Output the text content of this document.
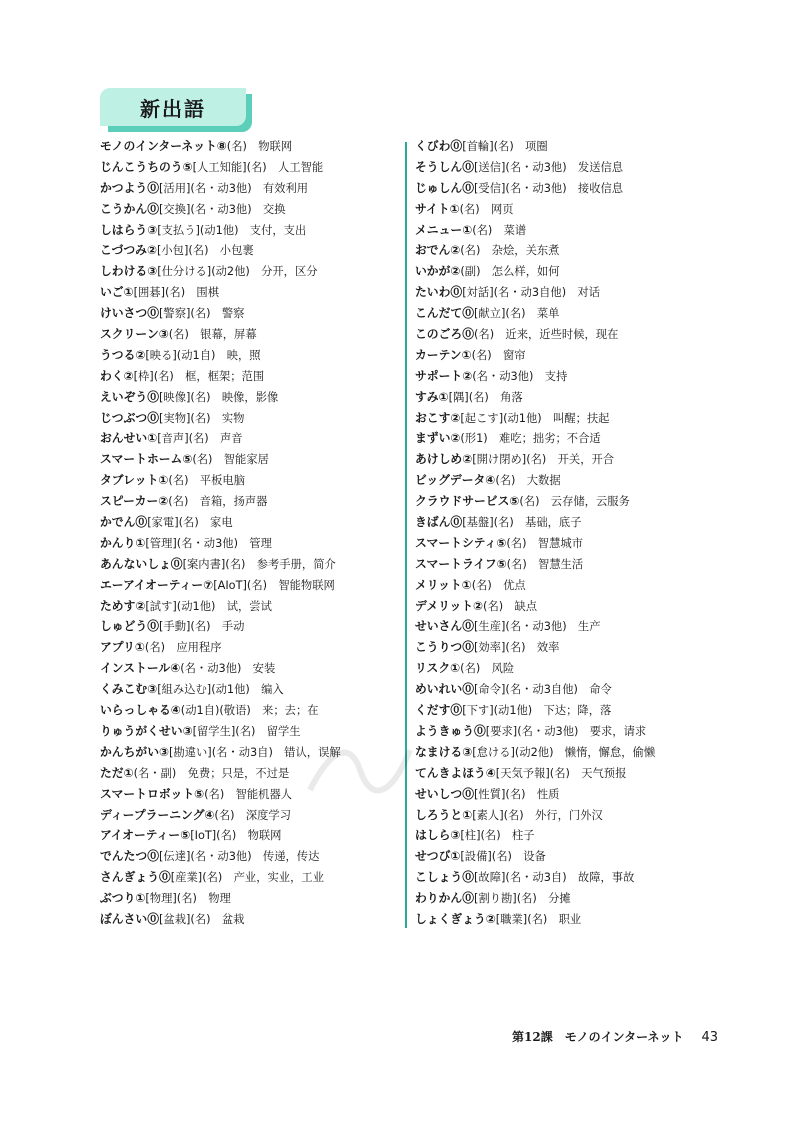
新出語
モノのインターネット⑧(名)　物联网
じんこうちのう⑤[人工知能](名)　人工智能
かつよう⓪[活用](名・动3他)　有效利用
こうかん⓪[交換](名・动3他)　交换
しはらう③[支払う](动1他)　支付，支出
こづつみ②[小包](名)　小包裹
しわける③[仕分ける](动2他)　分开，区分
いご①[囲碁](名)　围棋
けいさつ⓪[警察](名)　警察
スクリーン③(名)　银幕，屏幕
うつる②[映る](动1自)　映，照
わく②[枠](名)　框，框架；范围
えいぞう⓪[映像](名)　映像，影像
じつぶつ⓪[実物](名)　实物
おんせい①[音声](名)　声音
スマートホーム⑤(名)　智能家居
タブレット①(名)　平板电脑
スピーカー②(名)　音箱，扬声器
かでん⓪[家電](名)　家电
かんり①[管理](名・动3他)　管理
あんないしょ⓪[案内書](名)　参考手册，简介
エーアイオーティー⑦[AIoT](名)　智能物联网
ためす②[試す](动1他)　试，尝试
しゅどう⓪[手動](名)　手动
アプリ①(名)　应用程序
インストール④(名・动3他)　安装
くみこむ③[組み込む](动1他)　编入
いらっしゃる④(动1自)(敬语)　来；去；在
りゅうがくせい③[留学生](名)　留学生
かんちがい③[勘違い](名・动3自)　错认，误解
ただ①(名・副)　免费；只是，不过是
スマートロボット⑤(名)　智能机器人
ディープラーニング④(名)　深度学习
アイオーティー⑤[IoT](名)　物联网
でんたつ⓪[伝達](名・动3他)　传递，传达
さんぎょう⓪[産業](名)　产业，实业，工业
ぶつり①[物理](名)　物理
ぼんさい⓪[盆栽](名)　盆栽
くびわ⓪[首輪](名)　项圈
そうしん⓪[送信](名・动3他)　发送信息
じゅしん⓪[受信](名・动3他)　接收信息
サイト①(名)　网页
メニュー①(名)　菜谱
おでん②(名)　杂烩，关东煮
いかが②(副)　怎么样，如何
たいわ⓪[対話](名・动3自他)　对话
こんだて⓪[献立](名)　菜单
このごろ⓪(名)　近来，近些时候，现在
カーテン①(名)　窗帘
サポート②(名・动3他)　支持
すみ①[隅](名)　角落
おこす②[起こす](动1他)　叫醒；扶起
まずい②(形1)　难吃；拙劣；不合适
あけしめ②[開け閉め](名)　开关，开合
ビッグデータ④(名)　大数据
クラウドサービス⑤(名)　云存储，云服务
きばん⓪[基盤](名)　基础，底子
スマートシティ⑤(名)　智慧城市
スマートライフ⑤(名)　智慧生活
メリット①(名)　优点
デメリット②(名)　缺点
せいさん⓪[生産](名・动3他)　生产
こうりつ⓪[効率](名)　效率
リスク①(名)　风险
めいれい⓪[命令](名・动3自他)　命令
くだす⓪[下す](动1他)　下达；降，落
ようきゅう⓪[要求](名・动3他)　要求，请求
なまける③[怠ける](动2他)　懒惰，懈怠，偷懒
てんきよほう④[天気予報](名)　天气预报
せいしつ⓪[性質](名)　性质
しろうと①[素人](名)　外行，门外汉
はしら③[柱](名)　柱子
せつび①[設備](名)　设备
こしょう⓪[故障](名・动3自)　故障，事故
わりかん⓪[割り勘](名)　分摊
しょくぎょう②[職業](名)　职业
第12課　モノのインターネット 43
